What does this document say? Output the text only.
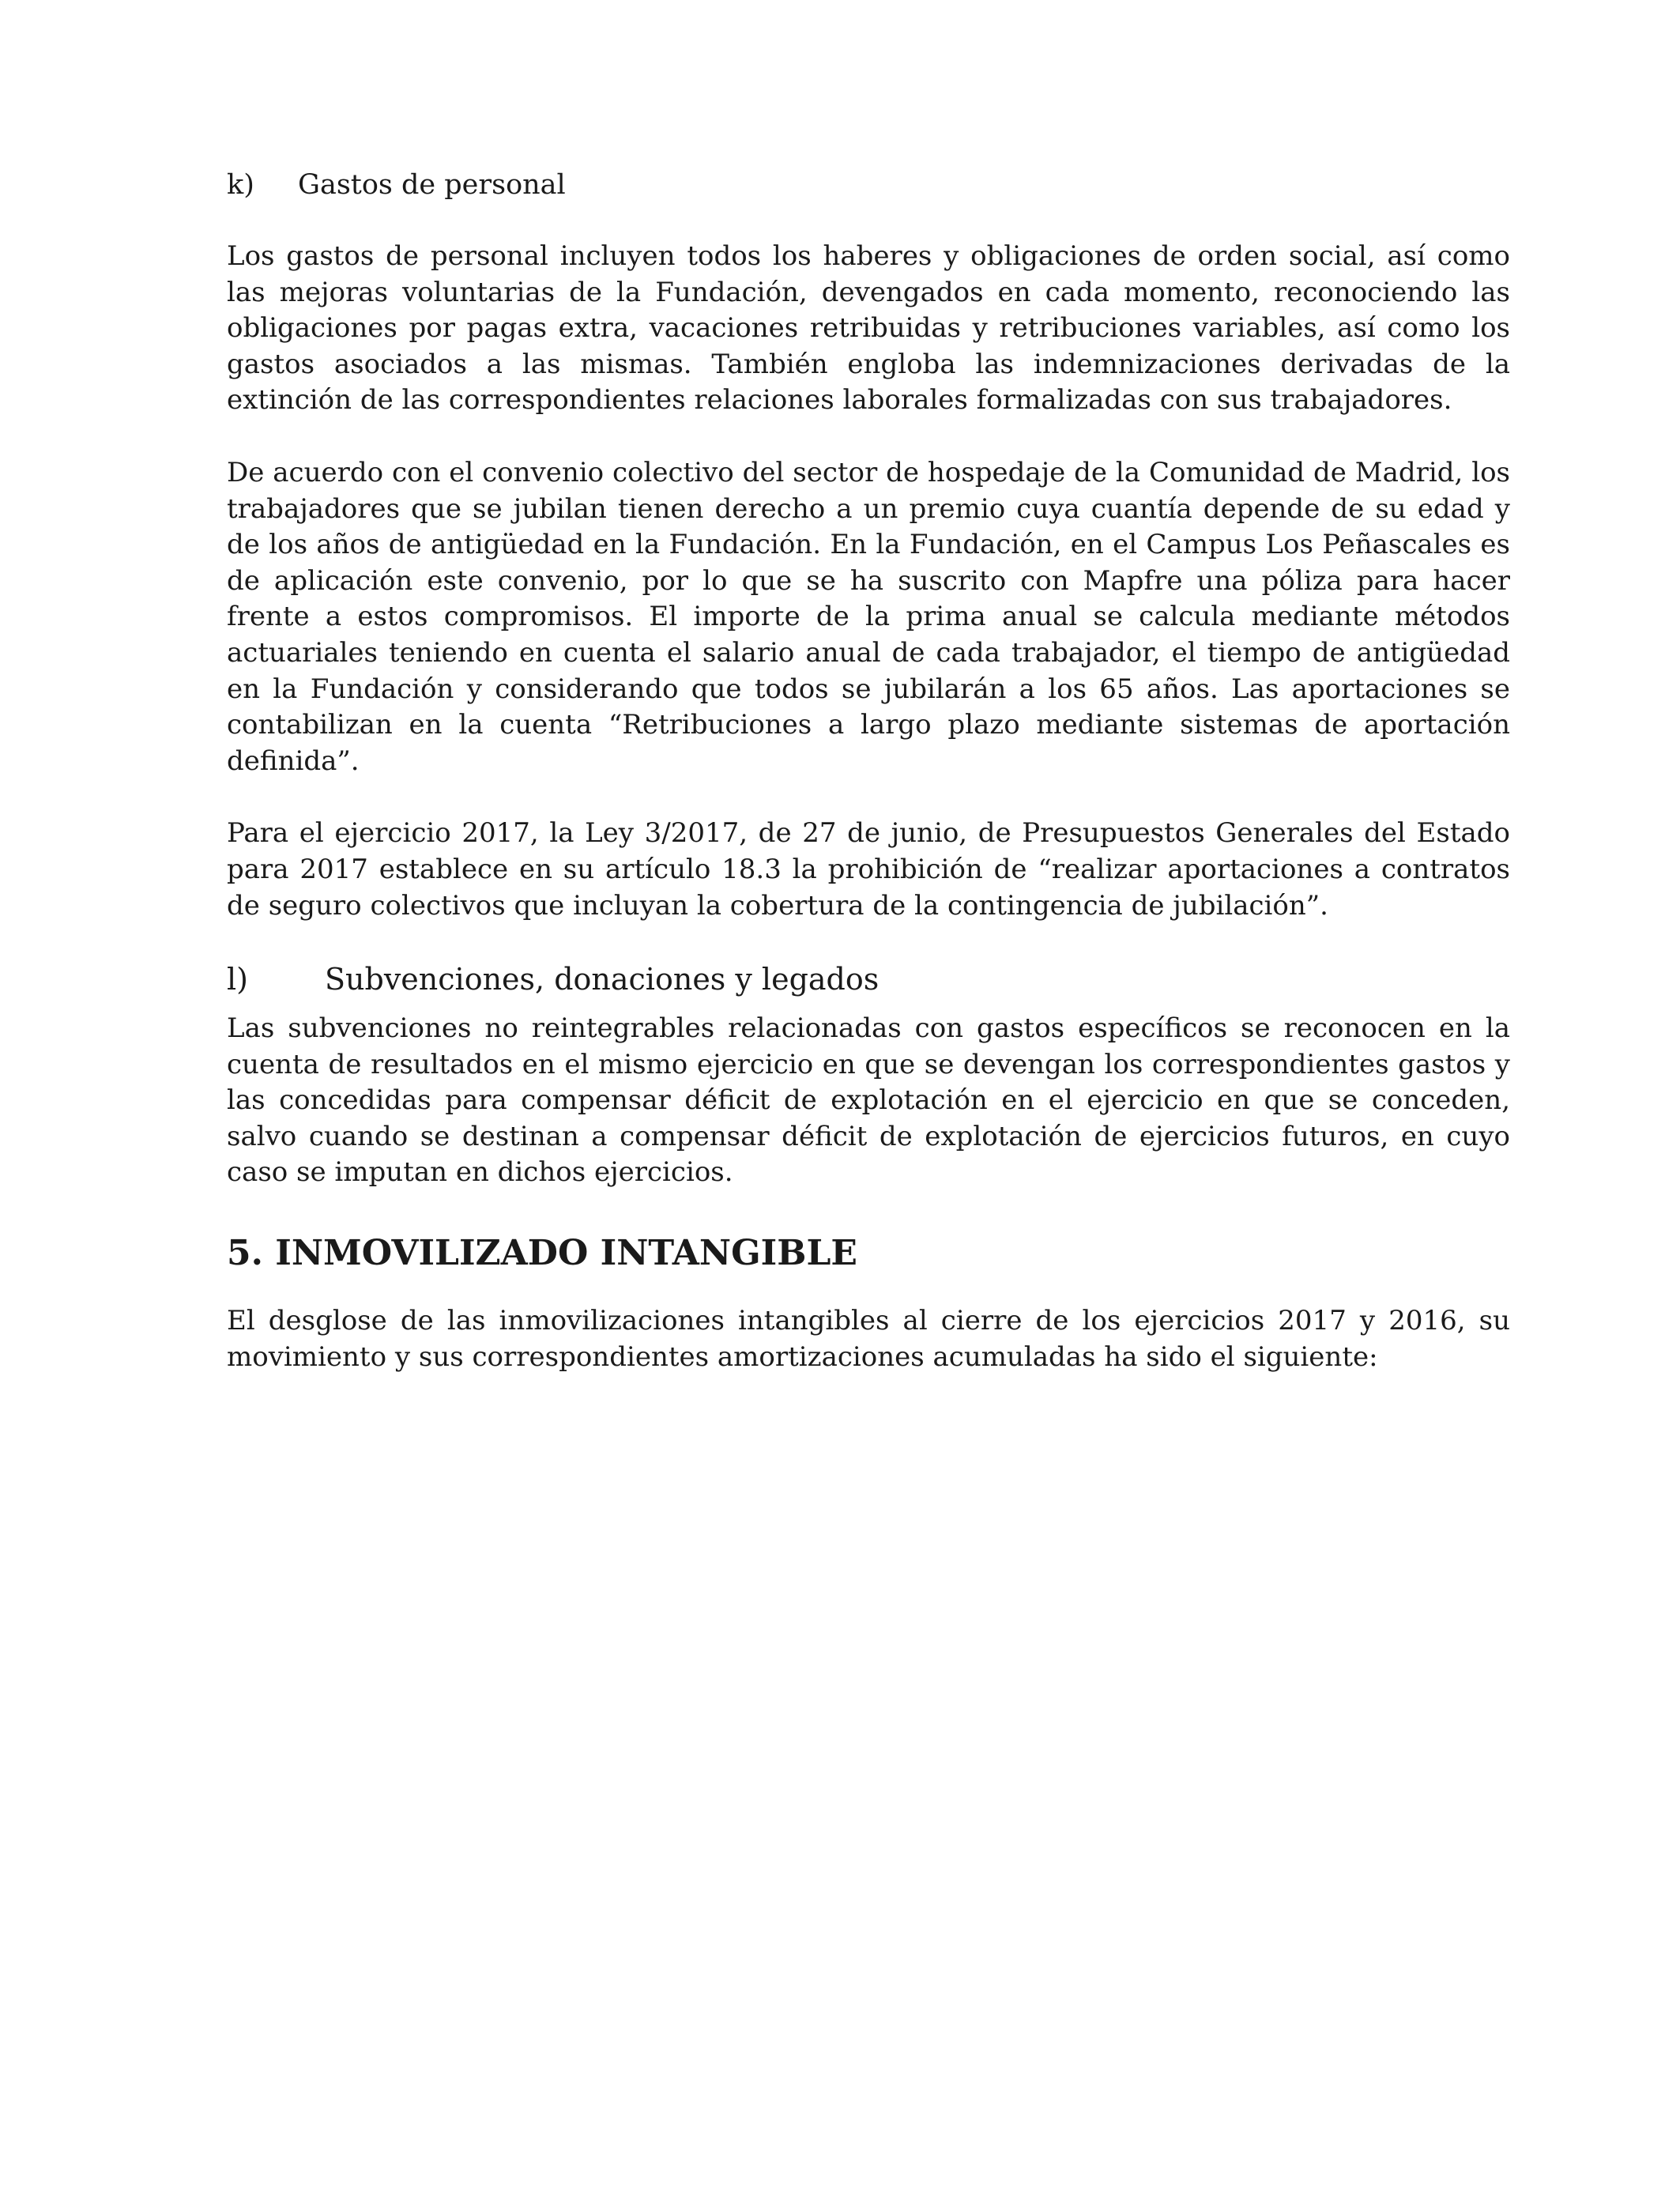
k)	Gastos de personal

Los gastos de personal incluyen todos los haberes y obligaciones de orden social, así como las mejoras voluntarias de la Fundación, devengados en cada momento, reconociendo las obligaciones por pagas extra, vacaciones retribuidas y retribuciones variables, así como los gastos asociados a las mismas. También engloba las indemnizaciones derivadas de la extinción de las correspondientes relaciones laborales formalizadas con sus trabajadores.

De acuerdo con el convenio colectivo del sector de hospedaje de la Comunidad de Madrid, los trabajadores que se jubilan tienen derecho a un premio cuya cuantía depende de su edad y de los años de antigüedad en la Fundación. En la Fundación, en el Campus Los Peñascales es de aplicación este convenio, por lo que se ha suscrito con Mapfre una póliza para hacer frente a estos compromisos. El importe de la prima anual se calcula mediante métodos actuariales teniendo en cuenta el salario anual de cada trabajador, el tiempo de antigüedad en la Fundación y considerando que todos se jubilarán a los 65 años. Las aportaciones se contabilizan en la cuenta “Retribuciones a largo plazo mediante sistemas de aportación definida”.

Para el ejercicio 2017, la Ley 3/2017, de 27 de junio, de Presupuestos Generales del Estado para 2017 establece en su artículo 18.3 la prohibición de “realizar aportaciones a contratos de seguro colectivos que incluyan la cobertura de la contingencia de jubilación”.

l)	Subvenciones, donaciones y legados

Las subvenciones no reintegrables relacionadas con gastos específicos se reconocen en la cuenta de resultados en el mismo ejercicio en que se devengan los correspondientes gastos y las concedidas para compensar déficit de explotación en el ejercicio en que se conceden, salvo cuando se destinan a compensar déficit de explotación de ejercicios futuros, en cuyo caso se imputan en dichos ejercicios.

5. INMOVILIZADO INTANGIBLE

El desglose de las inmovilizaciones intangibles al cierre de los ejercicios 2017 y 2016, su movimiento y sus correspondientes amortizaciones acumuladas ha sido el siguiente:
